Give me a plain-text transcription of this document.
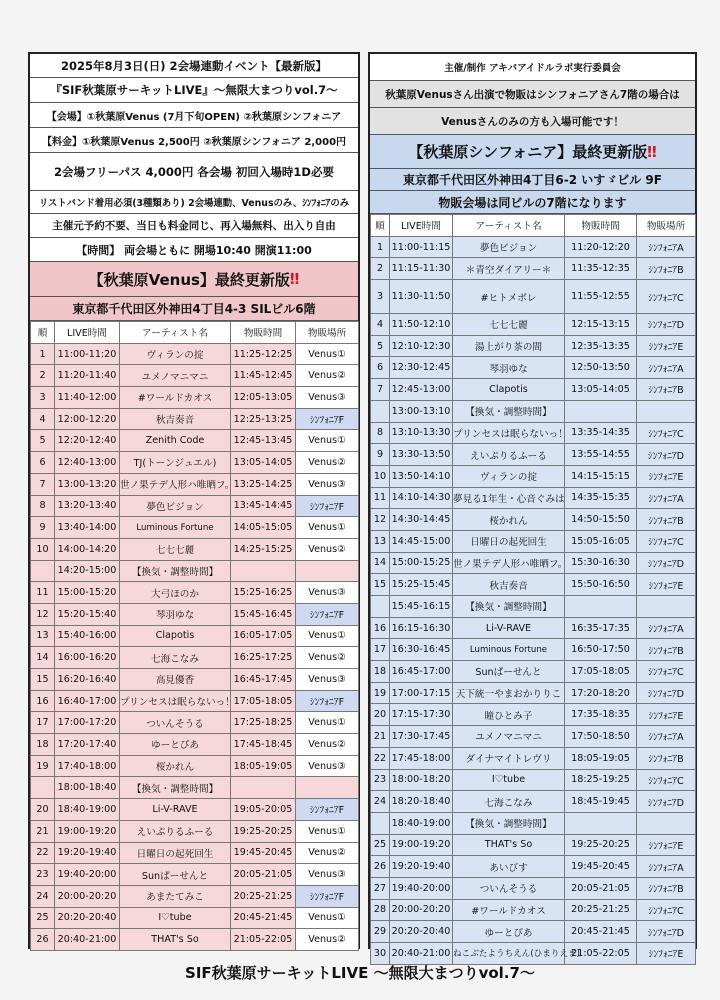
2025年8月3日(日) 2会場連動イベント【最新版】
『SIF秋葉原サーキットLIVE』～無限大まつりvol.7～
【会場】①秋葉原Venus (7月下旬OPEN) ②秋葉原シンフォニア
【料金】①秋葉原Venus 2,500円 ②秋葉原シンフォニア 2,000円
2会場フリーパス 4,000円 各会場 初回入場時1D必要
リストバンド着用必須(3種類あり) 2会場連動、Venusのみ、ｼﾝﾌｫﾆｱのみ
主催元予約不要、当日も料金同じ、再入場無料、出入り自由
【時間】 両会場ともに 開場10:40 開演11:00
【秋葉原Venus】最終更新版 ‼
東京都千代田区外神田4丁目4-3 SILビル6階
順	LIVE時間	アーティスト名	物販時間	物販場所
1	11:00-11:20	ヴィランの掟	11:25-12:25	Venus①
2	11:20-11:40	ユメノマニマニ	11:45-12:45	Venus②
3	11:40-12:00	#ワールドカオス	12:05-13:05	Venus③
4	12:00-12:20	秋吉奏音	12:25-13:25	ｼﾝﾌｫﾆｱF
5	12:20-12:40	Zenith Code	12:45-13:45	Venus①
6	12:40-13:00	TJ(トーンジュエル)	13:05-14:05	Venus②
7	13:00-13:20	世ノ果テデ人形ハ唯晒フ。	13:25-14:25	Venus③
8	13:20-13:40	夢色ビジョン	13:45-14:45	ｼﾝﾌｫﾆｱF
9	13:40-14:00	Luminous Fortune	14:05-15:05	Venus①
10	14:00-14:20	七七七麗	14:25-15:25	Venus②
	14:20-15:00	【換気・調整時間】		
11	15:00-15:20	大弓ほのか	15:25-16:25	Venus③
12	15:20-15:40	琴羽ゆな	15:45-16:45	ｼﾝﾌｫﾆｱF
13	15:40-16:00	Clapotis	16:05-17:05	Venus①
14	16:00-16:20	七海こなみ	16:25-17:25	Venus②
15	16:20-16:40	高見優香	16:45-17:45	Venus③
16	16:40-17:00	プリンセスは眠らないっ！	17:05-18:05	ｼﾝﾌｫﾆｱF
17	17:00-17:20	ついんそうる	17:25-18:25	Venus①
18	17:20-17:40	ゆーとぴあ	17:45-18:45	Venus②
19	17:40-18:00	桜かれん	18:05-19:05	Venus③
	18:00-18:40	【換気・調整時間】		
20	18:40-19:00	Li-V-RAVE	19:05-20:05	ｼﾝﾌｫﾆｱF
21	19:00-19:20	えいぷりるふーる	19:25-20:25	Venus①
22	19:20-19:40	日曜日の起死回生	19:45-20:45	Venus②
23	19:40-20:00	Sunぱーせんと	20:05-21:05	Venus③
24	20:00-20:20	あまたてみこ	20:25-21:25	ｼﾝﾌｫﾆｱF
25	20:20-20:40	I♡tube	20:45-21:45	Venus①
26	20:40-21:00	THAT's So	21:05-22:05	Venus②
主催/制作 アキバアイドルラボ実行委員会
秋葉原Venusさん出演で物販はシンフォニアさん7階の場合は
Venusさんのみの方も入場可能です！
【秋葉原シンフォニア】最終更新版 ‼
東京都千代田区外神田4丁目6-2 いすゞビル 9F
物販会場は同ビルの7階になります
順	LIVE時間	アーティスト名	物販時間	物販場所
1	11:00-11:15	夢色ビジョン	11:20-12:20	ｼﾝﾌｫﾆｱA
2	11:15-11:30	＊青空ダイアリー＊	11:35-12:35	ｼﾝﾌｫﾆｱB
3	11:30-11:50	#ヒトメボレ	11:55-12:55	ｼﾝﾌｫﾆｱC
4	11:50-12:10	七七七麗	12:15-13:15	ｼﾝﾌｫﾆｱD
5	12:10-12:30	湯上がり茶の間	12:35-13:35	ｼﾝﾌｫﾆｱE
6	12:30-12:45	琴羽ゆな	12:50-13:50	ｼﾝﾌｫﾆｱA
7	12:45-13:00	Clapotis	13:05-14:05	ｼﾝﾌｫﾆｱB
	13:00-13:10	【換気・調整時間】		
8	13:10-13:30	プリンセスは眠らないっ！	13:35-14:35	ｼﾝﾌｫﾆｱC
9	13:30-13:50	えいぷりるふーる	13:55-14:55	ｼﾝﾌｫﾆｱD
10	13:50-14:10	ヴィランの掟	14:15-15:15	ｼﾝﾌｫﾆｱE
11	14:10-14:30	夢見る1年生・心音ぐみは	14:35-15:35	ｼﾝﾌｫﾆｱA
12	14:30-14:45	桜かれん	14:50-15:50	ｼﾝﾌｫﾆｱB
13	14:45-15:00	日曜日の起死回生	15:05-16:05	ｼﾝﾌｫﾆｱC
14	15:00-15:25	世ノ果テデ人形ハ唯晒フ。	15:30-16:30	ｼﾝﾌｫﾆｱD
15	15:25-15:45	秋吉奏音	15:50-16:50	ｼﾝﾌｫﾆｱE
	15:45-16:15	【換気・調整時間】		
16	16:15-16:30	Li-V-RAVE	16:35-17:35	ｼﾝﾌｫﾆｱA
17	16:30-16:45	Luminous Fortune	16:50-17:50	ｼﾝﾌｫﾆｱB
18	16:45-17:00	Sunぱーせんと	17:05-18:05	ｼﾝﾌｫﾆｱC
19	17:00-17:15	天下統一やまおかりりこ	17:20-18:20	ｼﾝﾌｫﾆｱD
20	17:15-17:30	瞳ひとみ子	17:35-18:35	ｼﾝﾌｫﾆｱE
21	17:30-17:45	ユメノマニマニ	17:50-18:50	ｼﾝﾌｫﾆｱA
22	17:45-18:00	ダイナマイトレヴリ	18:05-19:05	ｼﾝﾌｫﾆｱB
23	18:00-18:20	I♡tube	18:25-19:25	ｼﾝﾌｫﾆｱC
24	18:20-18:40	七海こなみ	18:45-19:45	ｼﾝﾌｫﾆｱD
	18:40-19:00	【換気・調整時間】		
25	19:00-19:20	THAT's So	19:25-20:25	ｼﾝﾌｫﾆｱE
26	19:20-19:40	あいびす	19:45-20:45	ｼﾝﾌｫﾆｱA
27	19:40-20:00	ついんそうる	20:05-21:05	ｼﾝﾌｫﾆｱB
28	20:00-20:20	#ワールドカオス	20:25-21:25	ｼﾝﾌｫﾆｱC
29	20:20-20:40	ゆーとぴあ	20:45-21:45	ｼﾝﾌｫﾆｱD
30	20:40-21:00	ねこぶたようちえん(ひまりえま)	21:05-22:05	ｼﾝﾌｫﾆｱE
SIF秋葉原サーキットLIVE ～無限大まつりvol.7～
